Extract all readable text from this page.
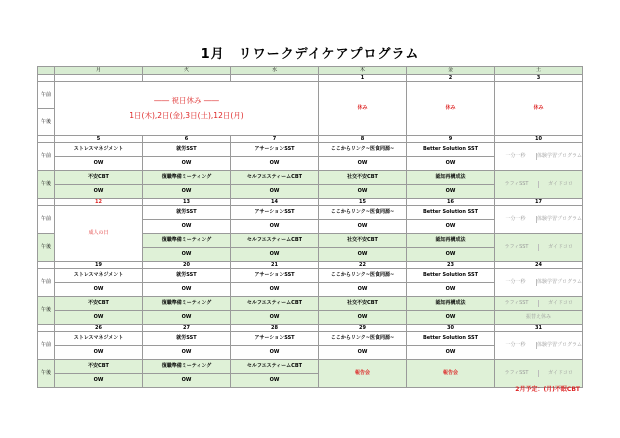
1月　リワークデイケアプログラム
	月	火	水	木	金	土
				1	2	3
午前	―― 祝日休み ――
1日(木),2日(金),3日(土),12日(月)			休み	休み	休み
午後						
	5	6	7	8	9	10
午前	ストレスマネジメント	就労SST	アサーションSST	ここからリンク~医食同源~	Better Solution SST	一分一秒 体験学習プログラム

	OW	OW	OW	OW	OW	
午後	不安CBT	復職準備ミーティング	セルフエスティームCBT	社交不安CBT	認知再構成法	ラフィSST ガイドコロ

	OW	OW	OW	OW	OW	
	12	13	14	15	16	17
午前	成人の日	就労SST	アサーションSST	ここからリンク~医食同源~	Better Solution SST	一分一秒 体験学習プログラム

		OW	OW	OW	OW	
午後		復職準備ミーティング	セルフエスティームCBT	社交不安CBT	認知再構成法	ラフィSST ガイドコロ

		OW	OW	OW	OW	
	19	20	21	22	23	24
午前	ストレスマネジメント	就労SST	アサーションSST	ここからリンク~医食同源~	Better Solution SST	一分一秒 体験学習プログラム

	OW	OW	OW	OW	OW	
午後	不安CBT	復職準備ミーティング	セルフエスティームCBT	社交不安CBT	認知再構成法	ラフィSST ガイドコロ

	OW	OW	OW	OW	OW	振替え休み
	26	27	28	29	30	31
午前	ストレスマネジメント	就労SST	アサーションSST	ここからリンク~医食同源~	Better Solution SST	一分一秒 体験学習プログラム

	OW	OW	OW	OW	OW	
午後	不安CBT	復職準備ミーティング	セルフエスティームCBT	報告会	報告会	ラフィSST ガイドコロ

	OW	OW	OW			
2月予定：(月)不眠CBT
